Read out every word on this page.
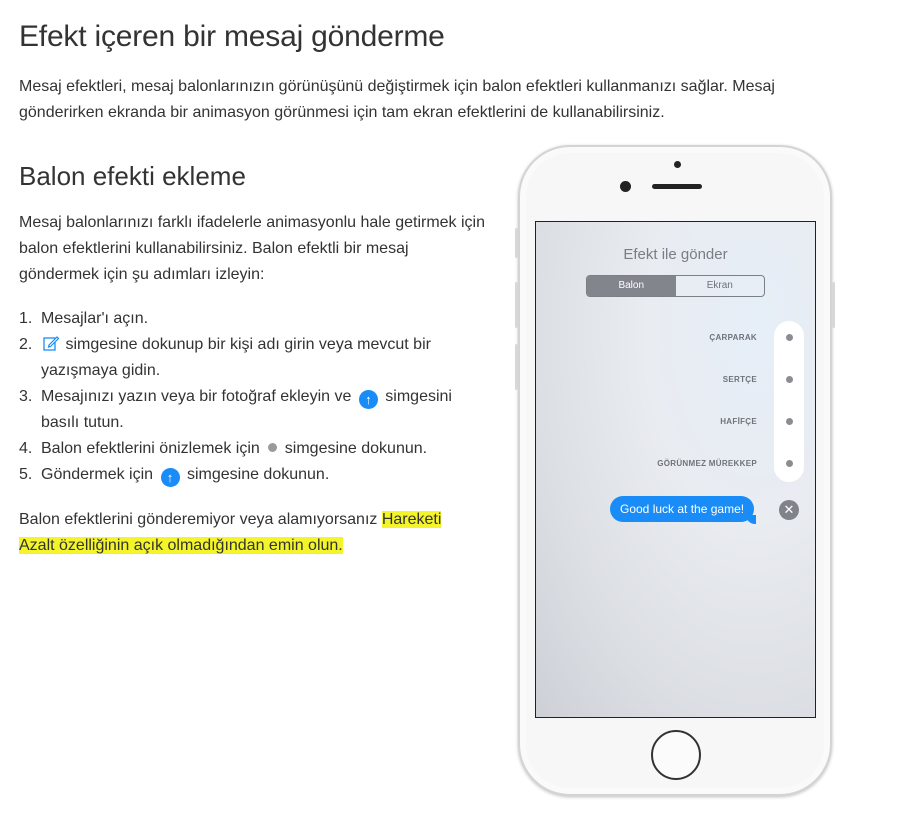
Efekt içeren bir mesaj gönderme

Mesaj efektleri, mesaj balonlarınızın görünüşünü değiştirmek için balon efektleri kullanmanızı sağlar. Mesaj gönderirken ekranda bir animasyon görünmesi için tam ekran efektlerini de kullanabilirsiniz.

Balon efekti ekleme

Mesaj balonlarınızı farklı ifadelerle animasyonlu hale getirmek için balon efektlerini kullanabilirsiniz. Balon efektli bir mesaj göndermek için şu adımları izleyin:

1. Mesajlar'ı açın.
2.	simgesine dokunup bir kişi adı girin veya mevcut bir yazışmaya gidin.
3. Mesajınızı yazın veya bir fotoğraf ekleyin ve ↑ simgesini basılı tutun.
4. Balon efektlerini önizlemek için simgesine dokunun.
5. Göndermek için ↑ simgesine dokunun.

Balon efektlerini gönderemiyor veya alamıyorsanız Hareketi Azalt özelliğinin açık olmadığından emin olun.

Efekt ile gönder
Balon	Ekran
ÇARPARAK
SERTÇE
HAFİFÇE
GÖRÜNMEZ MÜREKKEP
Good luck at the game!	✕
